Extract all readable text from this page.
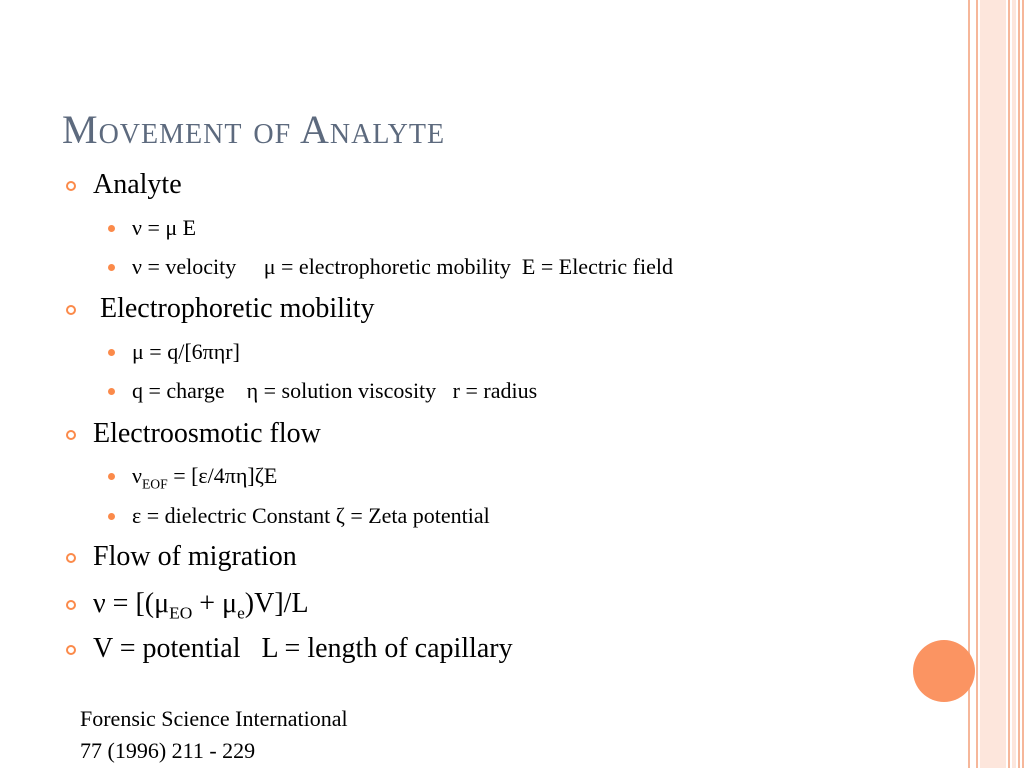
Movement of Analyte
Analyte
ν = μ E
ν = velocity     μ = electrophoretic mobility  E = Electric field
Electrophoretic mobility
μ = q/[6πηr]
q = charge    η = solution viscosity   r = radius
Electroosmotic flow
$\nu_{EOF} = [\varepsilon/4\pi\eta]\zeta E$
ε = dielectric Constant ζ = Zeta potential
Flow of migration
$\nu = [(\mu_{EO} + \mu_e)V]/L$
V = potential   L = length of capillary
Forensic Science International
77 (1996) 211 - 229
